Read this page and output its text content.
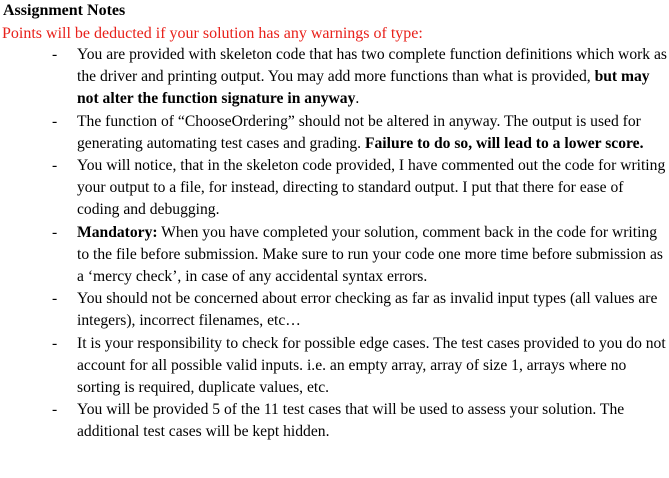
Assignment Notes
Points will be deducted if your solution has any warnings of type:
- You are provided with skeleton code that has two complete function definitions which work as the driver and printing output. You may add more functions than what is provided, but may not alter the function signature in anyway.
- The function of “ChooseOrdering” should not be altered in anyway. The output is used for generating automating test cases and grading. Failure to do so, will lead to a lower score.
- You will notice, that in the skeleton code provided, I have commented out the code for writing your output to a file, for instead, directing to standard output. I put that there for ease of coding and debugging.
- Mandatory: When you have completed your solution, comment back in the code for writing to the file before submission. Make sure to run your code one more time before submission as a ‘mercy check’, in case of any accidental syntax errors.
- You should not be concerned about error checking as far as invalid input types (all values are integers), incorrect filenames, etc…
- It is your responsibility to check for possible edge cases. The test cases provided to you do not account for all possible valid inputs. i.e. an empty array, array of size 1, arrays where no sorting is required, duplicate values, etc.
- You will be provided 5 of the 11 test cases that will be used to assess your solution. The additional test cases will be kept hidden.
